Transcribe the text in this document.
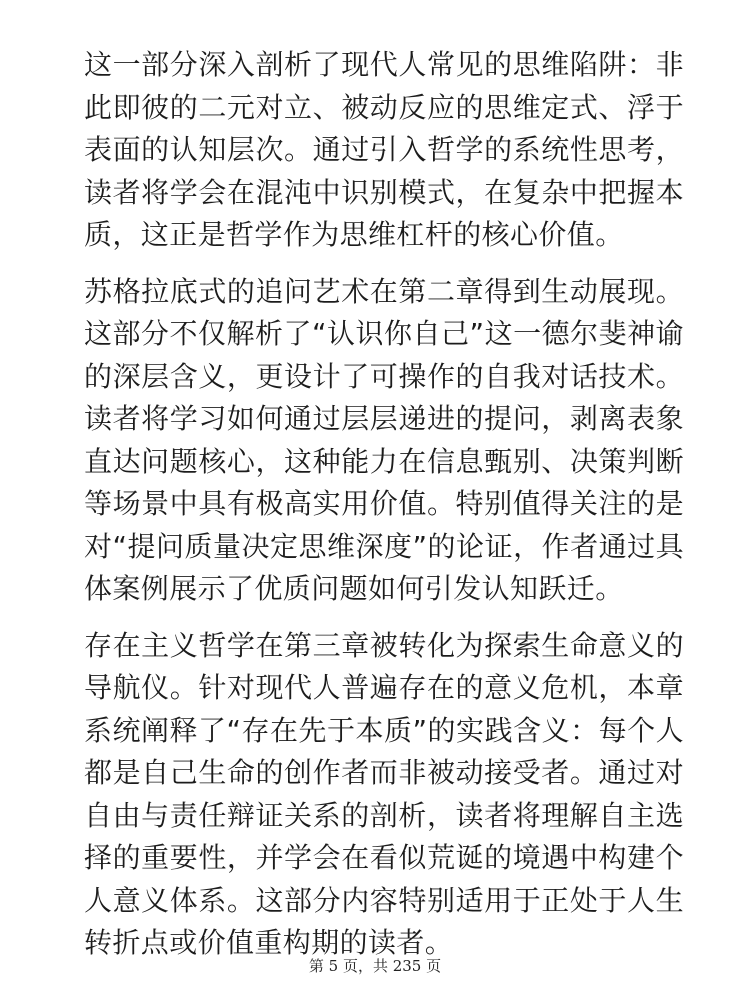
这一部分深入剖析了现代人常见的思维陷阱：非此即彼的二元对立、被动反应的思维定式、浮于表面的认知层次。通过引入哲学的系统性思考，读者将学会在混沌中识别模式，在复杂中把握本质，这正是哲学作为思维杠杆的核心价值。

苏格拉底式的追问艺术在第二章得到生动展现。这部分不仅解析了“认识你自己”这一德尔斐神谕的深层含义，更设计了可操作的自我对话技术。读者将学习如何通过层层递进的提问，剥离表象直达问题核心，这种能力在信息甄别、决策判断等场景中具有极高实用价值。特别值得关注的是对“提问质量决定思维深度”的论证，作者通过具体案例展示了优质问题如何引发认知跃迁。

存在主义哲学在第三章被转化为探索生命意义的导航仪。针对现代人普遍存在的意义危机，本章系统阐释了“存在先于本质”的实践含义：每个人都是自己生命的创作者而非被动接受者。通过对自由与责任辩证关系的剖析，读者将理解自主选择的重要性，并学会在看似荒诞的境遇中构建个人意义体系。这部分内容特别适用于正处于人生转折点或价值重构期的读者。

第 5 页，共 235 页
